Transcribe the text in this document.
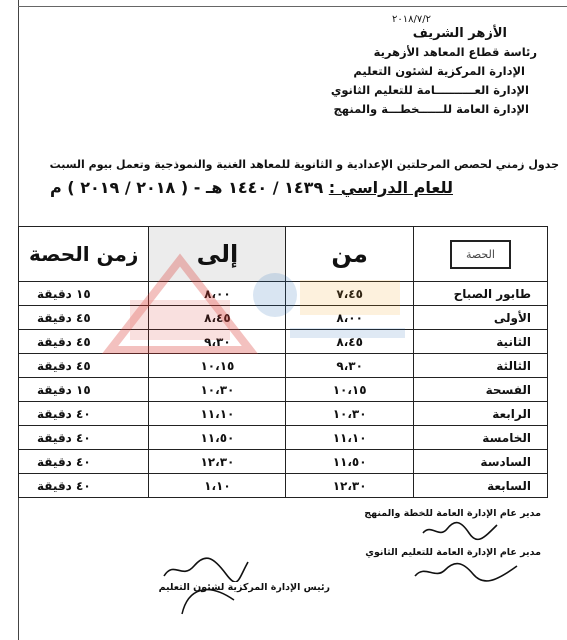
٢٠١٨/٧/٢
الأزهر الشريف
رئاسة قطاع المعاهد الأزهرية
الإدارة المركزية لشئون التعليم
الإدارة العــــــــــامة للتعليم الثانوي
الإدارة العامة للــــــخطـــة والمنهج
جدول زمني لحصص المرحلتين الإعدادية و الثانوية للمعاهد الغنية والنموذجية وتعمل بيوم السبت
للعام الدراسي : ١٤٣٩ / ١٤٤٠ هـ - ( ٢٠١٨ / ٢٠١٩ ) م
الحصة	من	إلى	زمن الحصة
طابور الصباح	٧،٤٥	٨،٠٠	١٥ دقيقة
الأولى	٨،٠٠	٨،٤٥	٤٥ دقيقة
الثانية	٨،٤٥	٩،٣٠	٤٥ دقيقة
الثالثة	٩،٣٠	١٠،١٥	٤٥ دقيقة
الفسحة	١٠،١٥	١٠،٣٠	١٥ دقيقة
الرابعة	١٠،٣٠	١١،١٠	٤٠ دقيقة
الخامسة	١١،١٠	١١،٥٠	٤٠ دقيقة
السادسة	١١،٥٠	١٢،٣٠	٤٠ دقيقة
السابعة	١٢،٣٠	١،١٠	٤٠ دقيقة
مدير عام الإدارة العامة للخطة والمنهج
مدير عام الإدارة العامة للتعليم الثانوي
رئيس الإدارة المركزية لشئون التعليم
